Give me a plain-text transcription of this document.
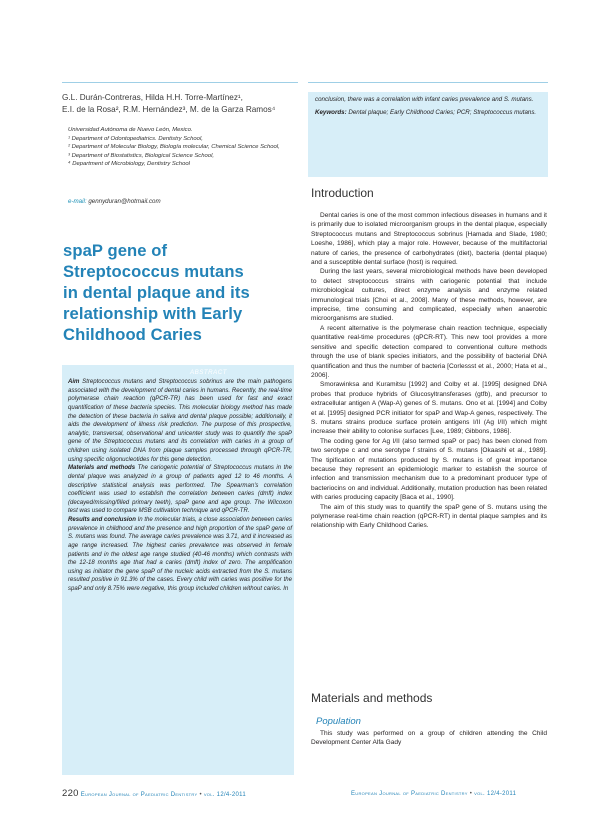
G.L. Durán-Contreras, Hilda H.H. Torre-Martínez¹,
E.I. de la Rosa², R.M. Hernández³, M. de la Garza Ramos⁴
Universidad Autónoma de Nuevo León, Mexico.
¹ Department of Odontopediatrics. Dentistry School,
² Department of Molecular Biology, Biología molecular, Chemical Science School,
³ Department of Biostatistics, Biological Science School,
⁴ Department of Microbiology, Dentistry School
e-mail: gennyduran@hotmail.com
spaP gene of
Streptococcus mutans
in dental plaque and its
relationship with Early
Childhood Caries
ABSTRACT

Aim Streptococcus mutans and Streptococcus sobrinus are the main pathogens associated with the development of dental caries in humans. Recently, the real-time polymerase chain reaction (qPCR-TR) has been used for fast and exact quantification of these bacteria species. This molecular biology method has made the detection of these bacteria in saliva and dental plaque possible; additionally, it aids the development of illness risk prediction. The purpose of this prospective, analytic, transversal, observational and unicenter study was to quantify the spaP gene of the Streptococcus mutans and its correlation with caries in a group of children using isolated DNA from plaque samples processed through qPCR-TR, using specific oligonucleotides for this gene detection.

Materials and methods The cariogenic potential of Streptococcus mutans in the dental plaque was analyzed in a group of patients aged 12 to 46 months. A descriptive statistical analysis was performed. The Spearman's correlation coefficient was used to establish the correlation between caries (dmft) index (decayed/missing/filled primary teeth), spaP gene and age group. The Wilcoxon test was used to compare MSB cultivation technique and qPCR-TR.

Results and conclusion In the molecular trials, a close association between caries prevalence in childhood and the presence and high proportion of the spaP gene of S. mutans was found. The average caries prevalence was 3.71, and it increased as age range increased. The highest caries prevalence was observed in female patients and in the oldest age range studied (40-46 months) which contrasts with the 12-18 months age that had a caries (dmft) index of zero. The amplification using as initiator the gene spaP of the nucleic acids extracted from the S. mutans resulted positive in 91.3% of the cases. Every child with caries was positive for the spaP and only 8.75% were negative, this group included children without caries. In

conclusion, there was a correlation with infant caries prevalence and S. mutans.

Keywords: Dental plaque; Early Childhood Caries; PCR; Streptococcus mutans.

Introduction

Dental caries is one of the most common infectious diseases in humans and it is primarily due to isolated microorganism groups in the dental plaque, especially Streptococcus mutans and Streptococcus sobrinus [Hamada and Slade, 1980; Loeshe, 1986], which play a major role. However, because of the multifactorial nature of caries, the presence of carbohydrates (diet), bacteria (dental plaque) and a susceptible dental surface (host) is required.

During the last years, several microbiological methods have been developed to detect streptococcus strains with cariogenic potential that include microbiological cultures, direct enzyme analysis and enzyme related immunological trials [Choi et al., 2008]. Many of these methods, however, are imprecise, time consuming and complicated, especially when anaerobic microorganisms are studied.

A recent alternative is the polymerase chain reaction technique, especially quantitative real-time procedures (qPCR-RT). This new tool provides a more sensitive and specific detection compared to conventional culture methods through the use of blank species initiators, and the possibility of bacterial DNA quantification and thus the number of bacteria [Corlessst et al., 2000; Hata et al., 2006].

Smorawinksa and Kuramitsu [1992] and Colby et al. [1995] designed DNA probes that produce hybrids of Glucosyltransferases (gtfb), and precursor to extracellular antigen A (Wap-A) genes of S. mutans. Ono et al. [1994] and Colby et al. [1995] designed PCR initiator for spaP and Wap-A genes, respectively. The S. mutans strains produce surface protein antigens I/II (Ag I/II) which might increase their ability to colonise surfaces [Lee, 1989; Gibbons, 1986].

The coding gene for Ag I/II (also termed spaP or pac) has been cloned from two serotype c and one serotype f strains of S. mutans [Okaashi et al., 1989]. The tipification of mutations produced by S. mutans is of great importance because they represent an epidemiologic marker to establish the source of infection and transmission mechanism due to a predominant producer type of bacteriocins on and individual. Additionally, mutation production has been related with caries producing capacity [Baca et al., 1990].

The aim of this study was to quantify the spaP gene of S. mutans using the polymerase real-time chain reaction (qPCR-RT) in dental plaque samples and its relationship with Early Childhood Caries.

Materials and methods
Population

This study was performed on a group of children attending the Child Development Center Alfa Gady

220 European Journal of Paediatric Dentistry • vol. 12/4-2011	European Journal of Paediatric Dentistry • vol. 12/4-2011
